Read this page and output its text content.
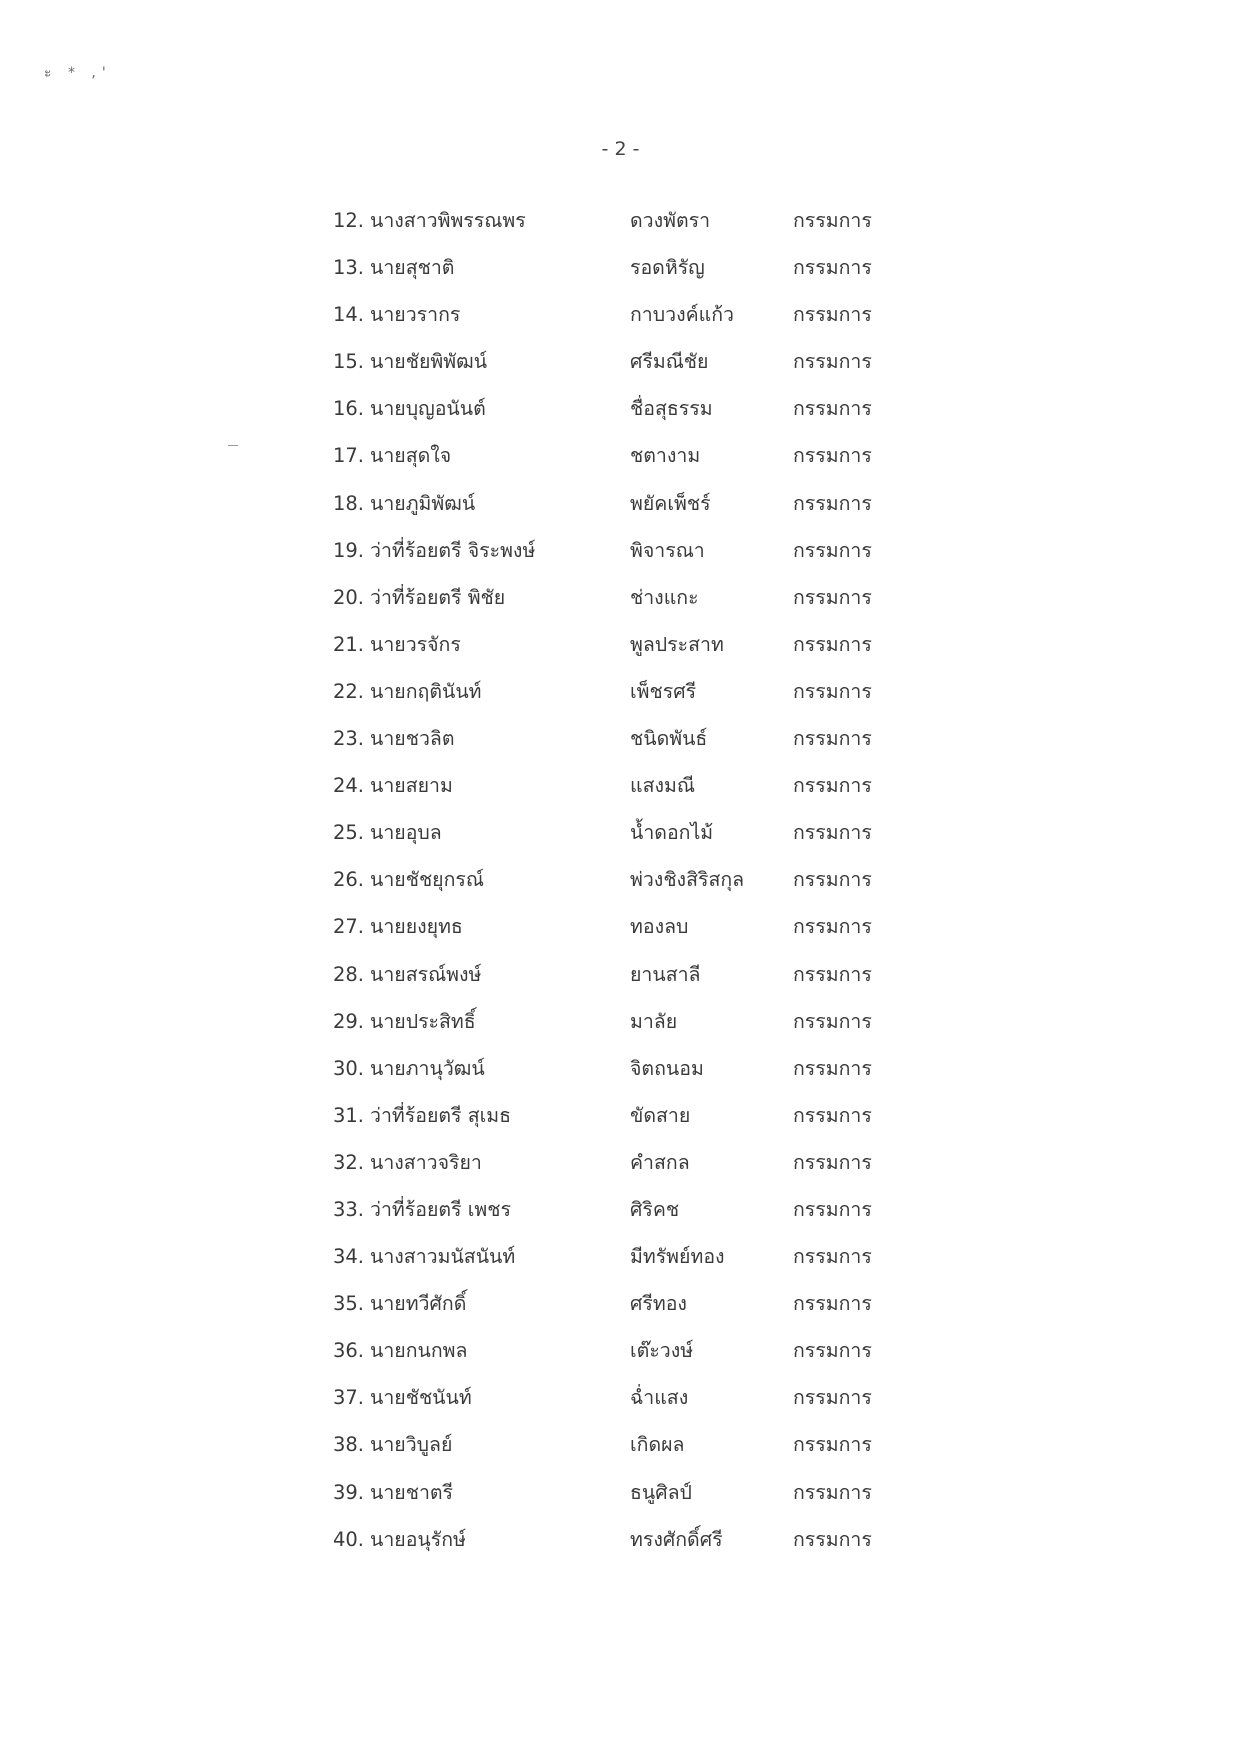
ะ * ,'
- 2 -
12. นางสาวพิพรรณพร	ดวงพัตรา	กรรมการ
13. นายสุชาติ	รอดหิรัญ	กรรมการ
14. นายวรากร	กาบวงค์แก้ว	กรรมการ
15. นายชัยพิพัฒน์	ศรีมณีชัย	กรรมการ
16. นายบุญอนันต์	ชื่อสุธรรม	กรรมการ
17. นายสุดใจ	ชตางาม	กรรมการ
18. นายภูมิพัฒน์	พยัคเพ็ชร์	กรรมการ
19. ว่าที่ร้อยตรี จิระพงษ์	พิจารณา	กรรมการ
20. ว่าที่ร้อยตรี พิชัย	ช่างแกะ	กรรมการ
21. นายวรจักร	พูลประสาท	กรรมการ
22. นายกฤตินันท์	เพ็ชรศรี	กรรมการ
23. นายชวลิต	ชนิดพันธ์	กรรมการ
24. นายสยาม	แสงมณี	กรรมการ
25. นายอุบล	น้ำดอกไม้	กรรมการ
26. นายชัชยุกรณ์	พ่วงชิงสิริสกุล	กรรมการ
27. นายยงยุทธ	ทองลบ	กรรมการ
28. นายสรณ์พงษ์	ยานสาลี	กรรมการ
29. นายประสิทธิ์	มาลัย	กรรมการ
30. นายภานุวัฒน์	จิตถนอม	กรรมการ
31. ว่าที่ร้อยตรี สุเมธ	ขัดสาย	กรรมการ
32. นางสาวจริยา	คำสกล	กรรมการ
33. ว่าที่ร้อยตรี เพชร	ศิริคช	กรรมการ
34. นางสาวมนัสนันท์	มีทรัพย์ทอง	กรรมการ
35. นายทวีศักดิ์	ศรีทอง	กรรมการ
36. นายกนกพล	เต๊ะวงษ์	กรรมการ
37. นายชัชนันท์	ฉ่ำแสง	กรรมการ
38. นายวิบูลย์	เกิดผล	กรรมการ
39. นายชาตรี	ธนูศิลป์	กรรมการ
40. นายอนุรักษ์	ทรงศักดิ์ศรี	กรรมการ
